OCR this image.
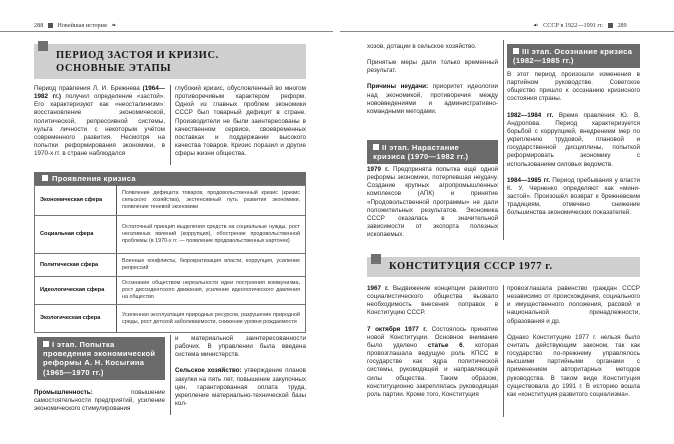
288 Новейшая история ❧
ПЕРИОД ЗАСТОЯ И КРИЗИС.
ОСНОВНЫЕ ЭТАПЫ
Период правления Л. И. Брежнева (1964—1982 гг.) получил определение «застой». Его характеризуют как «неосталинизм»: восстановление экономической, политической, репрессивной системы, культа личности с некоторым учётом современного развития. Несмотря на попытки реформирования экономики, в 1970-х гг. в стране наблюдался
глубокий кризис, обусловленный во многом противоречивым характером реформ. Одной из главных проблем экономики СССР был товарный дефицит в стране. Производители не были заинтересованы в качественном сервисе, своевременных поставках и поддержании высокого качества товаров. Кризис поразил и другие сферы жизни общества.
Проявления кризиса
Экономическая сфера	Появление дефицита товаров, продовольственный кризис (кризис сельского хозяйства), экстенсивный путь развития экономики, появление теневой экономики
Социальная сфера	Остаточный принцип выделения средств на социальные нужды, рост негативных явлений (коррупция), обострение продовольственной проблемы (в 1970-х гг. — появление продовольственных карточек)
Политическая сфера	Военные конфликты, бюрократизация власти, коррупция, усиление репрессий
Идеологическая сфера	Осознание обществом нереальности идеи построения коммунизма, рост диссидентского движения, усиление идеологического давления на общество
Экологическая сфера	Усиленная эксплуатация природных ресурсов, разрушение природной среды, рост детской заболеваемости, снижение уровня рождаемости
I этап. Попытка проведения экономической реформы А. Н. Косыгина (1965—1970 гг.)
Промышленность: повышение самостоятельности предприятий, усиление экономического стимулирования

и материальной заинтересованности рабочих. В управлении была введена система министерств.

Сельское хозяйство: утверждение планов закупки на пять лет, повышение закупочных цен, гарантированная оплата труда, укрепление материально-технической базы кол-

☙ СССР в 1922—1991 гг. 289

хозов, дотации в сельское хозяйство.

Принятые меры дали только временный результат.

Причины неудачи: приоритет идеологии над экономикой, противоречия между нововведениями и административно-командными методами.

II этап. Нарастание кризиса (1970—1982 гг.)
1979 г. Предпринята попытка ещё одной реформы экономики, потерпевшая неудачу. Создание крупных агропромышленных комплексов (АПК) и принятие «Продовольственной программы» не дали положительных результатов. Экономика СССР оказалась в значительной зависимости от экспорта полезных ископаемых.
III этап. Осознание кризиса (1982—1985 гг.)

В этот период произошли изменения в партийном руководстве. Советское общество пришло к осознанию кризисного состояния страны.

1982—1984 гг. Время правления Ю. В. Андропова. Период характеризуется борьбой с коррупцией, внедрением мер по укреплению трудовой, плановой и государственной дисциплины, попыткой реформировать экономику с использованием силовых ведомств.

1984—1985 гг. Период пребывания у власти К. У. Черненко определяют как «мини-застой». Произошёл возврат к брежневским традициям, отмечено снижение большинства экономических показателей.

КОНСТИТУЦИЯ СССР 1977 г.

1967 г. Выдвижение концепции развитого социалистического общества вызвало необходимость внесения поправок в Конституцию СССР.

7 октября 1977 г. Состоялось принятие новой Конституции. Основное внимание было уделено статье 6, которая провозглашала ведущую роль КПСС в государстве как ядра политической системы, руководящей и направляющей силы общества. Таким образом, конституционно закреплялась руководящая роль партии. Кроме того, Конституция

провозглашала равенство граждан СССР независимо от происхождения, социального и имущественного положения, расовой и национальной принадлежности, образования и др.

Однако Конституцию 1977 г. нельзя было считать действующим законом, так как государство по-прежнему управлялось высшими партийными органами с применением авторитарных методов руководства. В таком виде Конституция существовала до 1991 г. В историю вошла как «конституция развитого социализма».
